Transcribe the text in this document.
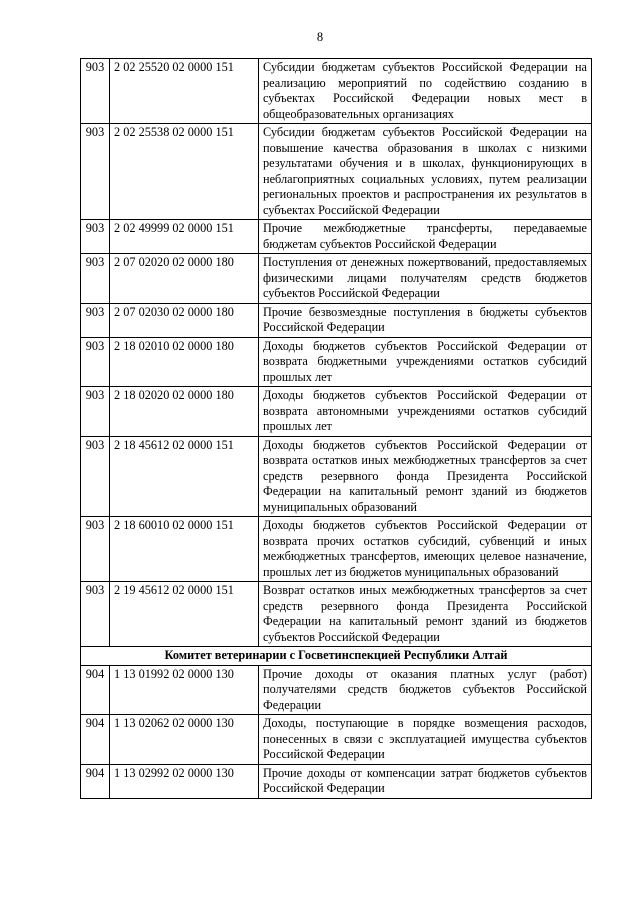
8
903	2 02 25520 02 0000 151	Субсидии бюджетам субъектов Российской Федерации на реализацию мероприятий по содействию созданию в субъектах Российской Федерации новых мест в общеобразовательных организациях
903	2 02 25538 02 0000 151	Субсидии бюджетам субъектов Российской Федерации на повышение качества образования в школах с низкими результатами обучения и в школах, функционирующих в неблагоприятных социальных условиях, путем реализации региональных проектов и распространения их результатов в субъектах Российской Федерации
903	2 02 49999 02 0000 151	Прочие межбюджетные трансферты, передаваемые бюджетам субъектов Российской Федерации
903	2 07 02020 02 0000 180	Поступления от денежных пожертвований, предоставляемых физическими лицами получателям средств бюджетов субъектов Российской Федерации
903	2 07 02030 02 0000 180	Прочие безвозмездные поступления в бюджеты субъектов Российской Федерации
903	2 18 02010 02 0000 180	Доходы бюджетов субъектов Российской Федерации от возврата бюджетными учреждениями остатков субсидий прошлых лет
903	2 18 02020 02 0000 180	Доходы бюджетов субъектов Российской Федерации от возврата автономными учреждениями остатков субсидий прошлых лет
903	2 18 45612 02 0000 151	Доходы бюджетов субъектов Российской Федерации от возврата остатков иных межбюджетных трансфертов за счет средств резервного фонда Президента Российской Федерации на капитальный ремонт зданий из бюджетов муниципальных образований
903	2 18 60010 02 0000 151	Доходы бюджетов субъектов Российской Федерации от возврата прочих остатков субсидий, субвенций и иных межбюджетных трансфертов, имеющих целевое назначение, прошлых лет из бюджетов муниципальных образований
903	2 19 45612 02 0000 151	Возврат остатков иных межбюджетных трансфертов за счет средств резервного фонда Президента Российской Федерации на капитальный ремонт зданий из бюджетов субъектов Российской Федерации
Комитет ветеринарии с Госветинспекцией Республики Алтай		
904	1 13 01992 02 0000 130	Прочие доходы от оказания платных услуг (работ) получателями средств бюджетов субъектов Российской Федерации
904	1 13 02062 02 0000 130	Доходы, поступающие в порядке возмещения расходов, понесенных в связи с эксплуатацией имущества субъектов Российской Федерации
904	1 13 02992 02 0000 130	Прочие доходы от компенсации затрат бюджетов субъектов Российской Федерации
